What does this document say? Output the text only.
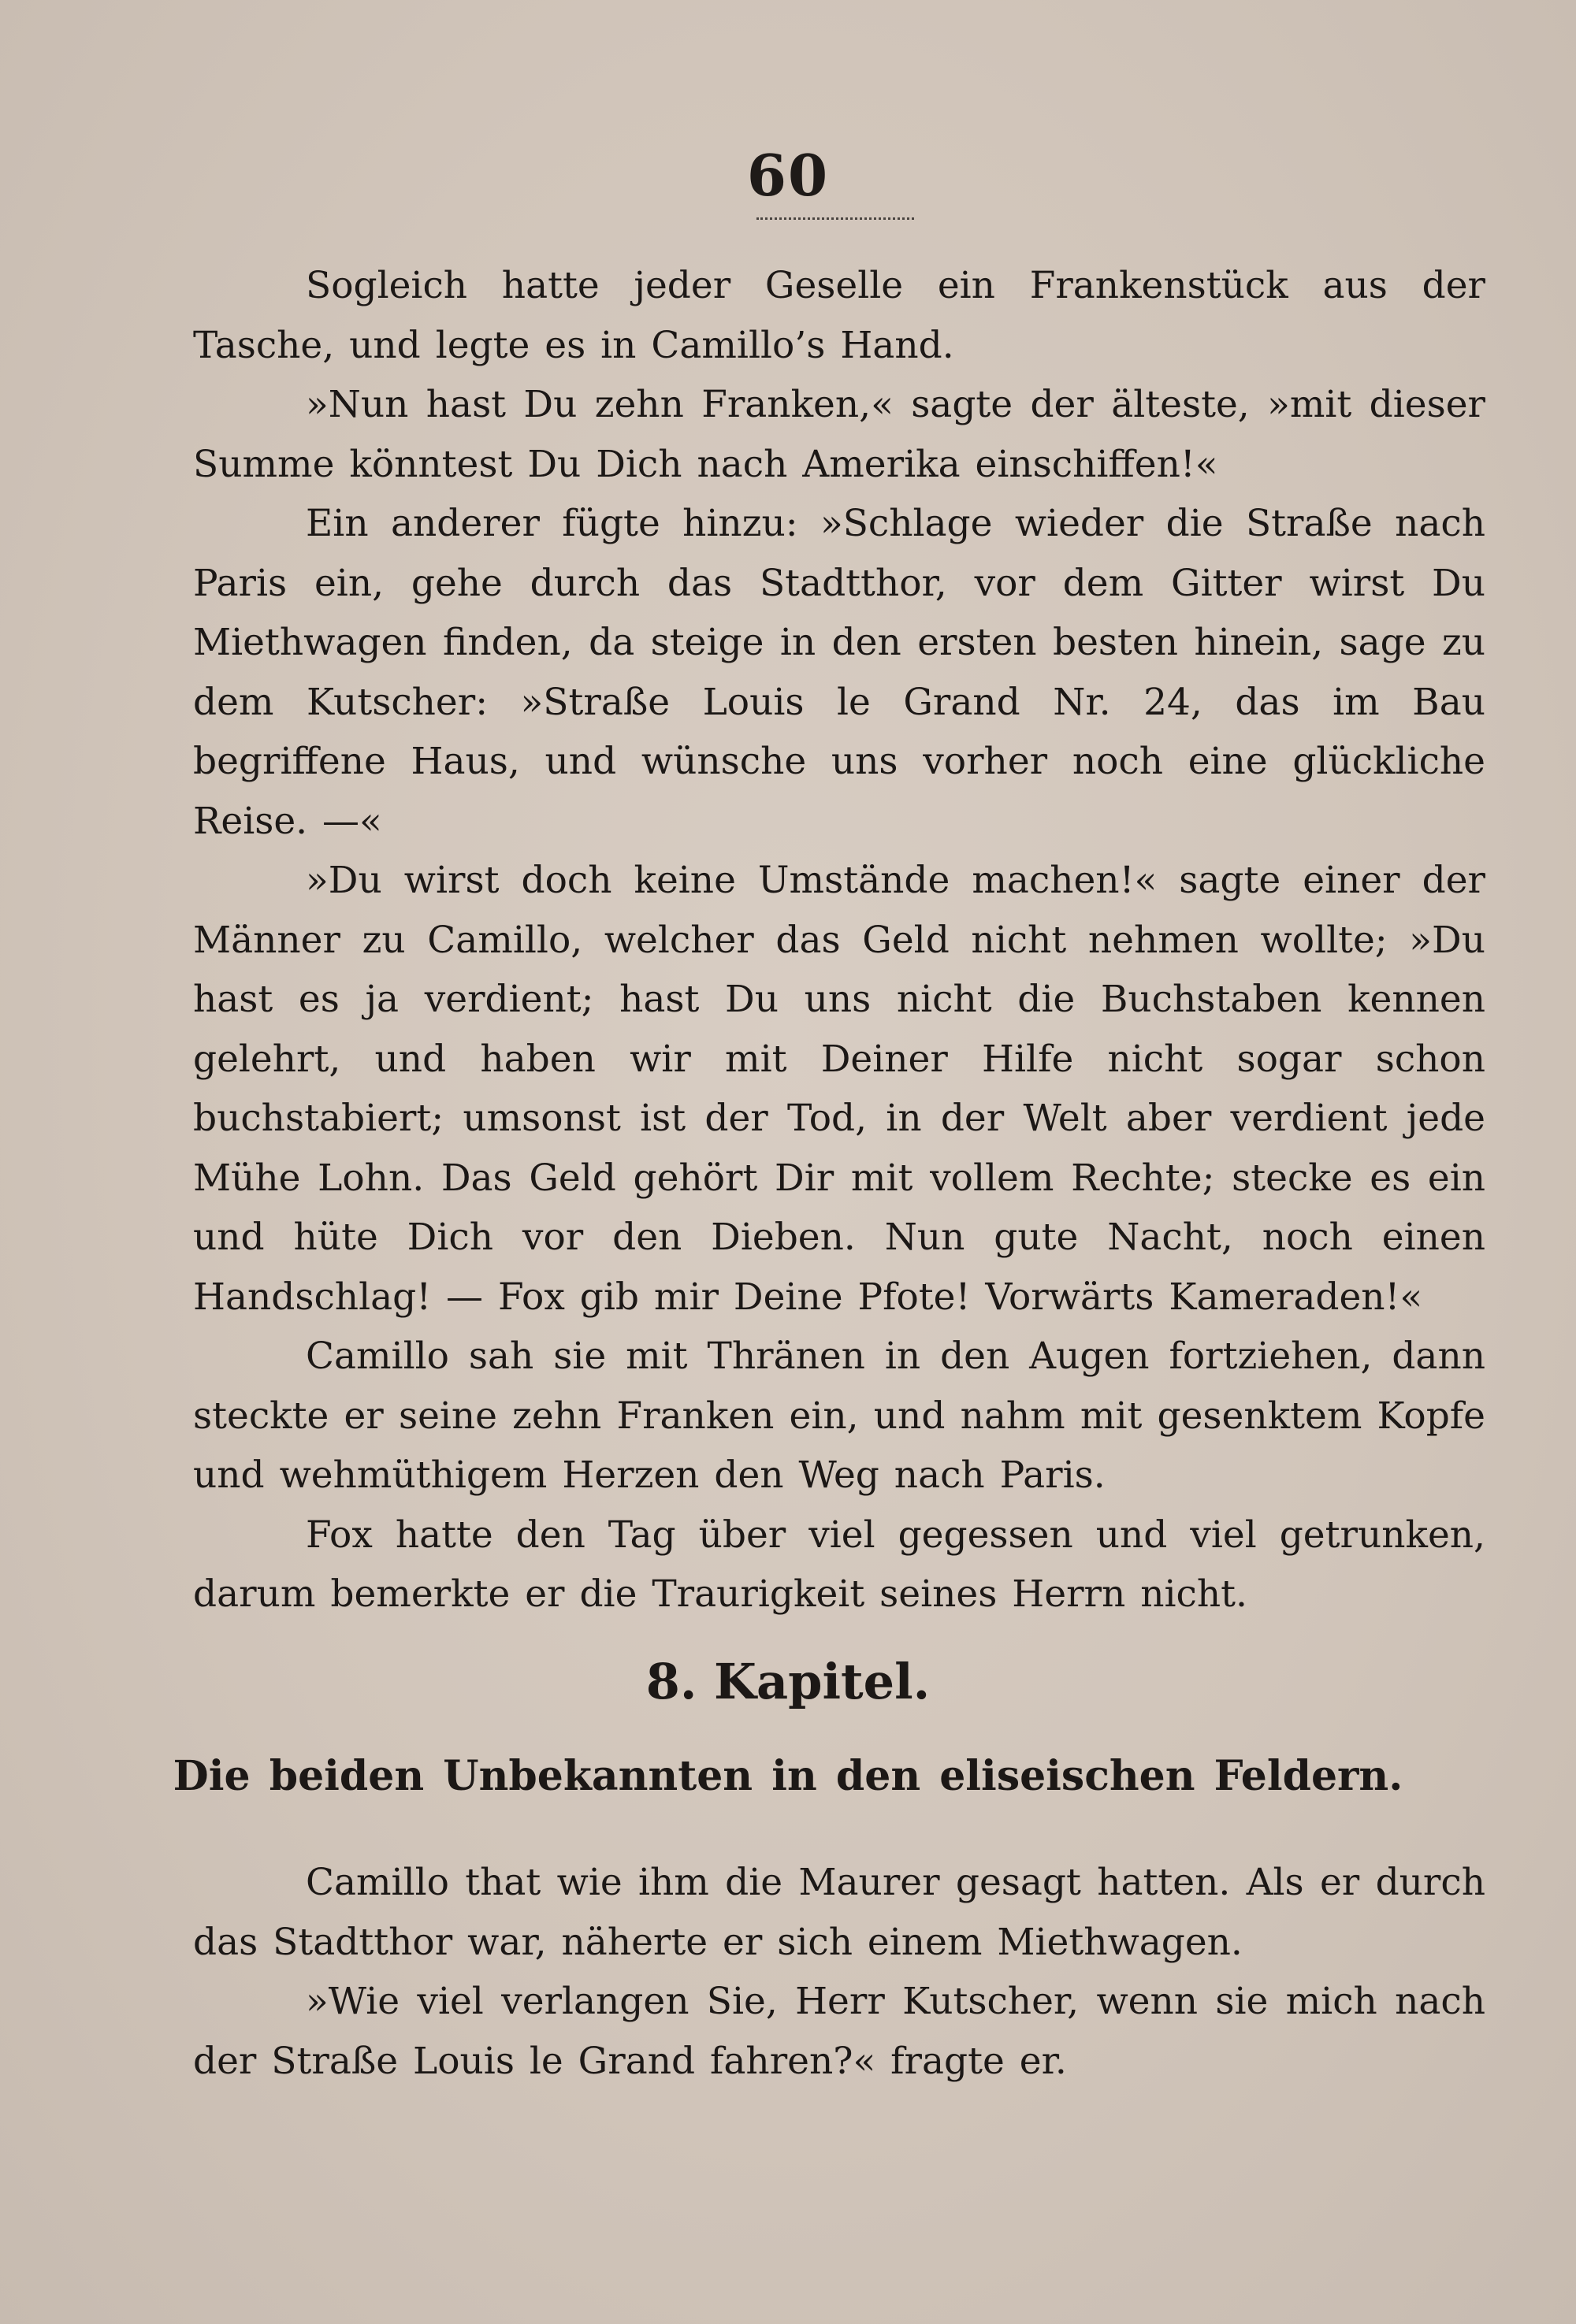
60

Sogleich hatte jeder Geselle ein Frankenstück aus der Tasche, und legte es in Camillo’s Hand.

»Nun hast Du zehn Franken,« sagte der älteste, »mit dieser Summe könntest Du Dich nach Amerika einschiffen!«

Ein anderer fügte hinzu: »Schlage wieder die Straße nach Paris ein, gehe durch das Stadtthor, vor dem Gitter wirst Du Miethwagen finden, da steige in den ersten besten hinein, sage zu dem Kutscher: »Straße Louis le Grand Nr. 24, das im Bau begriffene Haus, und wünsche uns vorher noch eine glückliche Reise. —«

»Du wirst doch keine Umstände machen!« sagte einer der Männer zu Camillo, welcher das Geld nicht nehmen wollte; »Du hast es ja verdient; hast Du uns nicht die Buchstaben kennen gelehrt, und haben wir mit Deiner Hilfe nicht sogar schon buchstabiert; umsonst ist der Tod, in der Welt aber verdient jede Mühe Lohn. Das Geld gehört Dir mit vollem Rechte; stecke es ein und hüte Dich vor den Dieben. Nun gute Nacht, noch einen Handschlag! — Fox gib mir Deine Pfote! Vorwärts Kameraden!«

Camillo sah sie mit Thränen in den Augen fortziehen, dann steckte er seine zehn Franken ein, und nahm mit gesenktem Kopfe und wehmüthigem Herzen den Weg nach Paris.

Fox hatte den Tag über viel gegessen und viel getrunken, darum bemerkte er die Traurigkeit seines Herrn nicht.

8. Kapitel.
Die beiden Unbekannten in den eliseischen Feldern.

Camillo that wie ihm die Maurer gesagt hatten. Als er durch das Stadtthor war, näherte er sich einem Miethwagen.

»Wie viel verlangen Sie, Herr Kutscher, wenn sie mich nach der Straße Louis le Grand fahren?« fragte er.
